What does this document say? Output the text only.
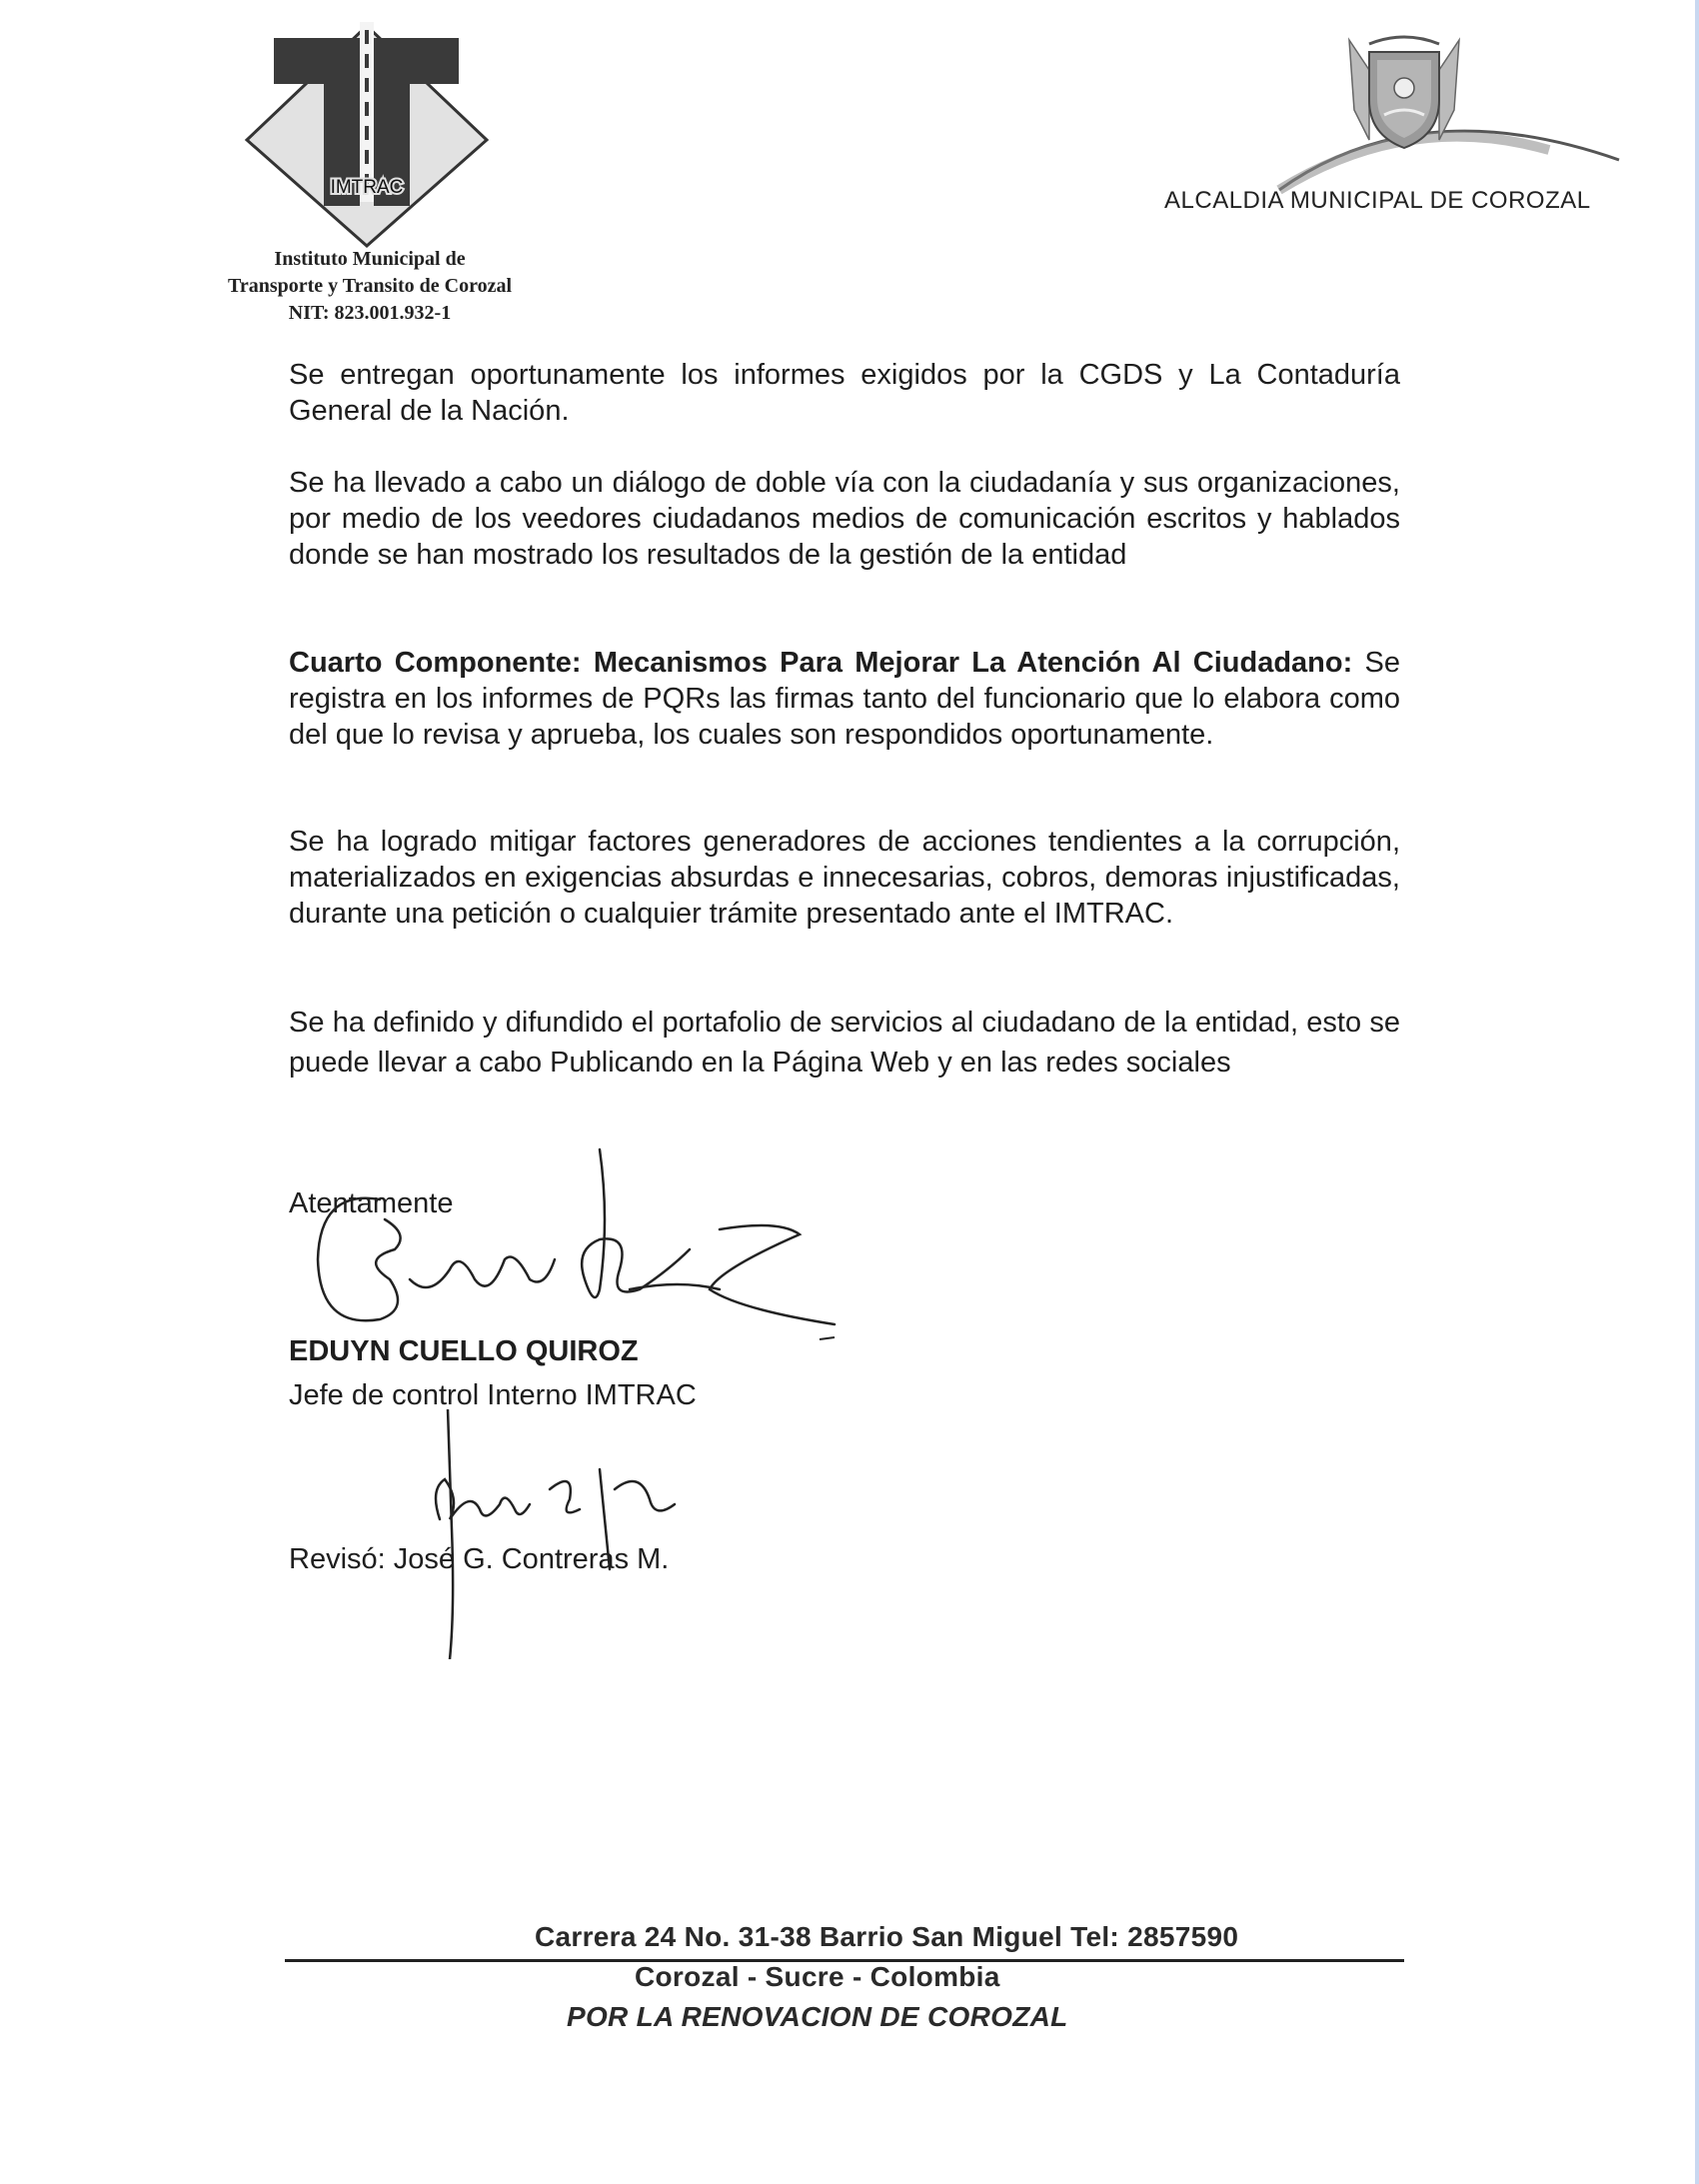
IMTRAC
Instituto Municipal de
Transporte y Transito de Corozal
NIT: 823.001.932-1
ALCALDIA MUNICIPAL DE COROZAL
Se entregan oportunamente los informes exigidos por la CGDS y La Contaduría General de la Nación.
Se ha llevado a cabo un diálogo de doble vía con la ciudadanía y sus organizaciones, por medio de los veedores ciudadanos medios de comunicación escritos y hablados donde se han mostrado los resultados de la gestión de la entidad
Cuarto Componente: Mecanismos Para Mejorar La Atención Al Ciudadano: Se registra en los informes de PQRs las firmas tanto del funcionario que lo elabora como del que lo revisa y aprueba, los cuales son respondidos oportunamente.
Se ha logrado mitigar factores generadores de acciones tendientes a la corrupción, materializados en exigencias absurdas e innecesarias, cobros, demoras injustificadas, durante una petición o cualquier trámite presentado ante el IMTRAC.
Se ha definido y difundido el portafolio de servicios al ciudadano de la entidad, esto se puede llevar a cabo Publicando en la Página Web y en las redes sociales
Atentamente
EDUYN CUELLO QUIROZ
Jefe de control Interno IMTRAC
Revisó: José G. Contreras M.
Carrera 24 No. 31-38 Barrio San Miguel Tel: 2857590
Corozal - Sucre - Colombia
POR LA RENOVACION DE COROZAL
